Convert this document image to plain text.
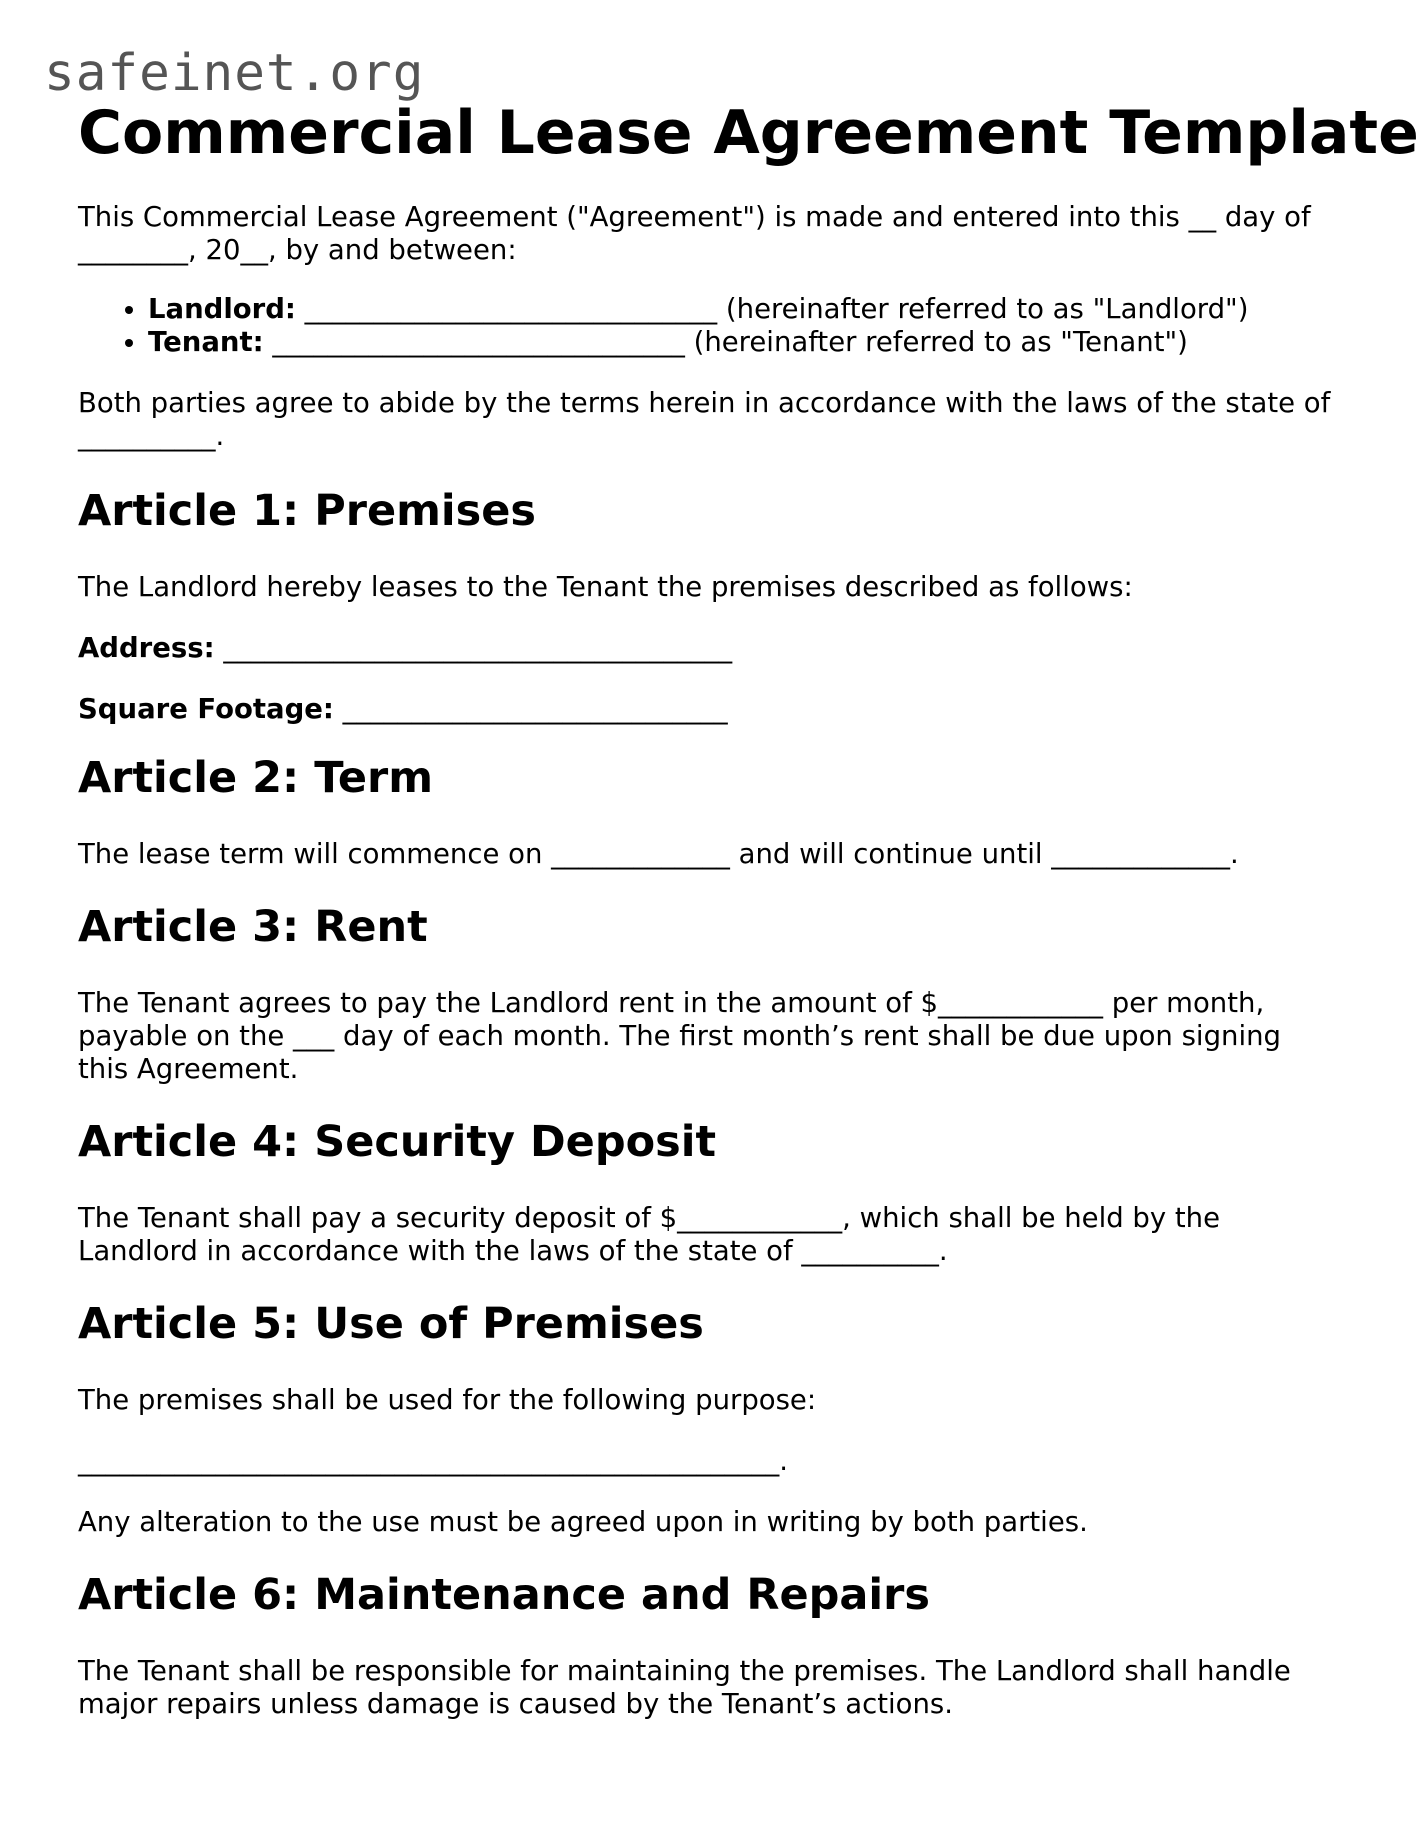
safeinet.org
Commercial Lease Agreement Template

This Commercial Lease Agreement ("Agreement") is made and entered into this __ day of ________, 20__, by and between:

• Landlord: ______________________________ (hereinafter referred to as "Landlord")
• Tenant: ______________________________ (hereinafter referred to as "Tenant")

Both parties agree to abide by the terms herein in accordance with the laws of the state of __________.

Article 1: Premises

The Landlord hereby leases to the Tenant the premises described as follows:

Address: _____________________________________

Square Footage: ____________________________

Article 2: Term

The lease term will commence on _____________ and will continue until _____________.

Article 3: Rent

The Tenant agrees to pay the Landlord rent in the amount of $____________ per month, payable on the ___ day of each month. The first month’s rent shall be due upon signing this Agreement.

Article 4: Security Deposit

The Tenant shall pay a security deposit of $____________, which shall be held by the Landlord in accordance with the laws of the state of __________.

Article 5: Use of Premises

The premises shall be used for the following purpose:

___________________________________________________.

Any alteration to the use must be agreed upon in writing by both parties.

Article 6: Maintenance and Repairs

The Tenant shall be responsible for maintaining the premises. The Landlord shall handle major repairs unless damage is caused by the Tenant’s actions.
